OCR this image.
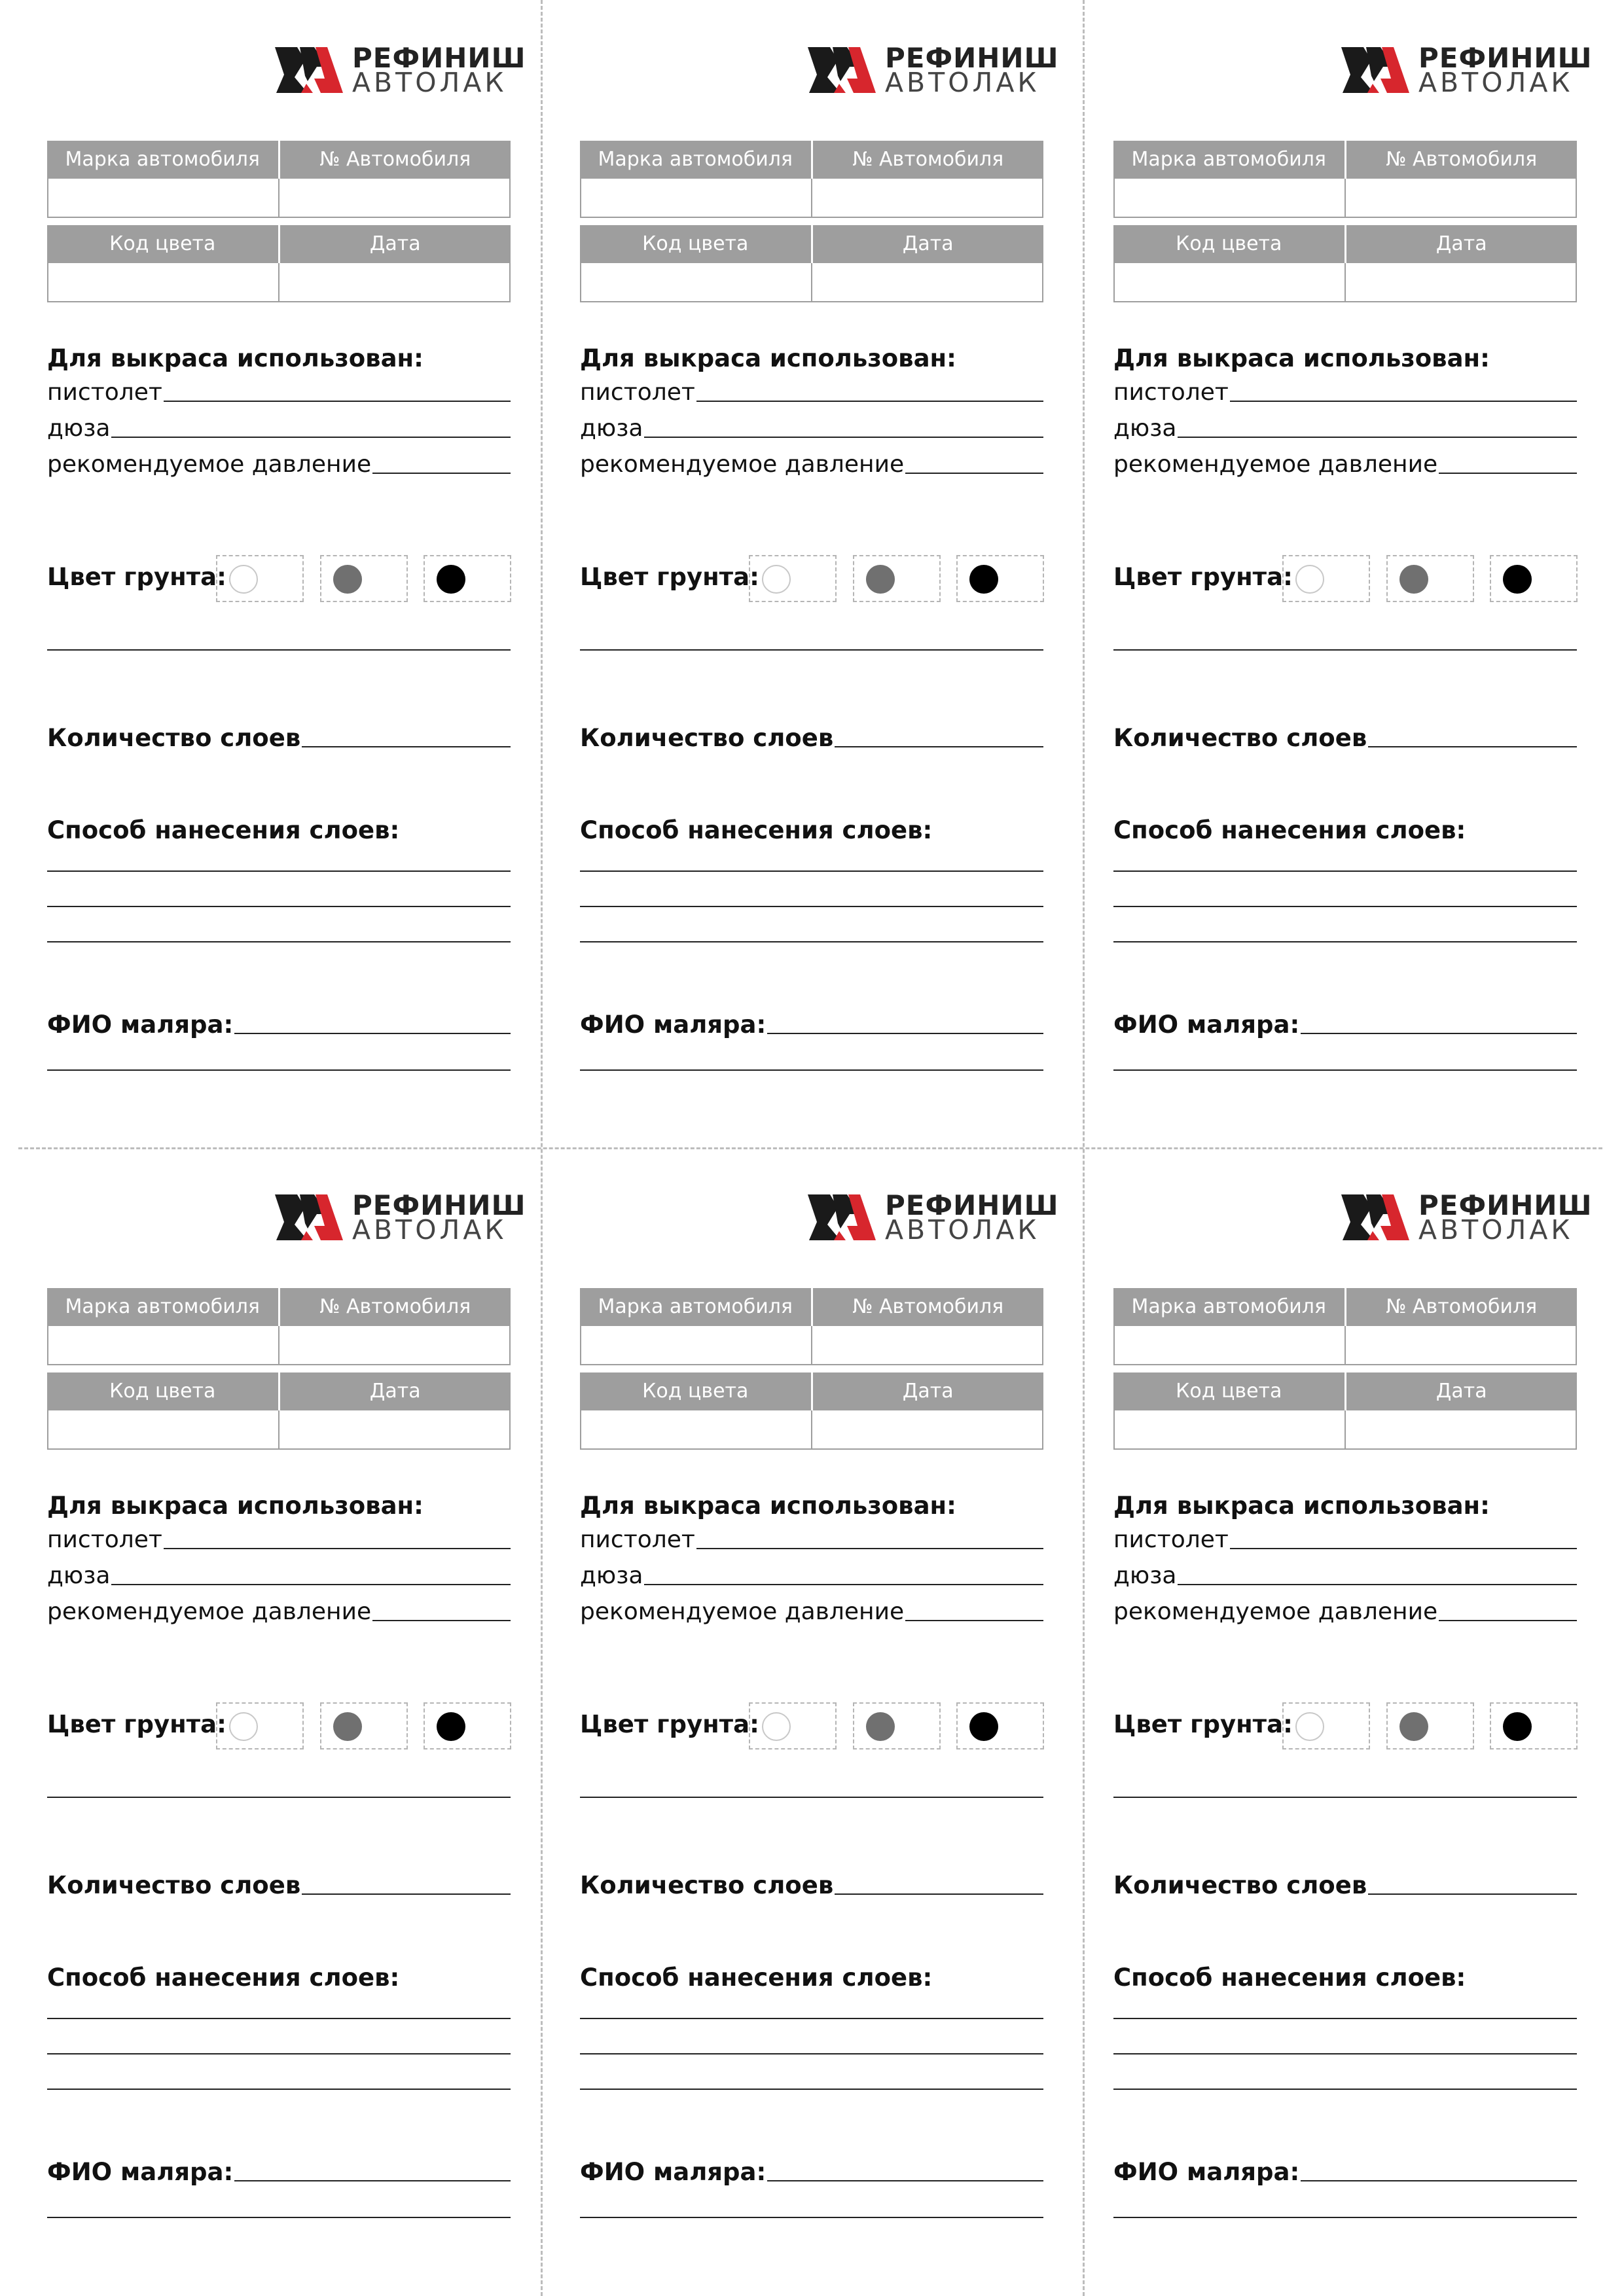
РЕФИНИШ
АВТОЛАК
Марка автомобиля	№ Автомобиля
Код цвета	Дата
Для выкраса использован:
пистолет
дюза
рекомендуемое давление
Цвет грунта:
Количество слоев
Способ нанесения слоев:
ФИО маляра:
РЕФИНИШ
АВТОЛАК
Марка автомобиля	№ Автомобиля
Код цвета	Дата
Для выкраса использован:
пистолет
дюза
рекомендуемое давление
Цвет грунта:
Количество слоев
Способ нанесения слоев:
ФИО маляра:
РЕФИНИШ
АВТОЛАК
Марка автомобиля	№ Автомобиля
Код цвета	Дата
Для выкраса использован:
пистолет
дюза
рекомендуемое давление
Цвет грунта:
Количество слоев
Способ нанесения слоев:
ФИО маляра:
РЕФИНИШ
АВТОЛАК
Марка автомобиля	№ Автомобиля
Код цвета	Дата
Для выкраса использован:
пистолет
дюза
рекомендуемое давление
Цвет грунта:
Количество слоев
Способ нанесения слоев:
ФИО маляра:
РЕФИНИШ
АВТОЛАК
Марка автомобиля	№ Автомобиля
Код цвета	Дата
Для выкраса использован:
пистолет
дюза
рекомендуемое давление
Цвет грунта:
Количество слоев
Способ нанесения слоев:
ФИО маляра:
РЕФИНИШ
АВТОЛАК
Марка автомобиля	№ Автомобиля
Код цвета	Дата
Для выкраса использован:
пистолет
дюза
рекомендуемое давление
Цвет грунта:
Количество слоев
Способ нанесения слоев:
ФИО маляра:
